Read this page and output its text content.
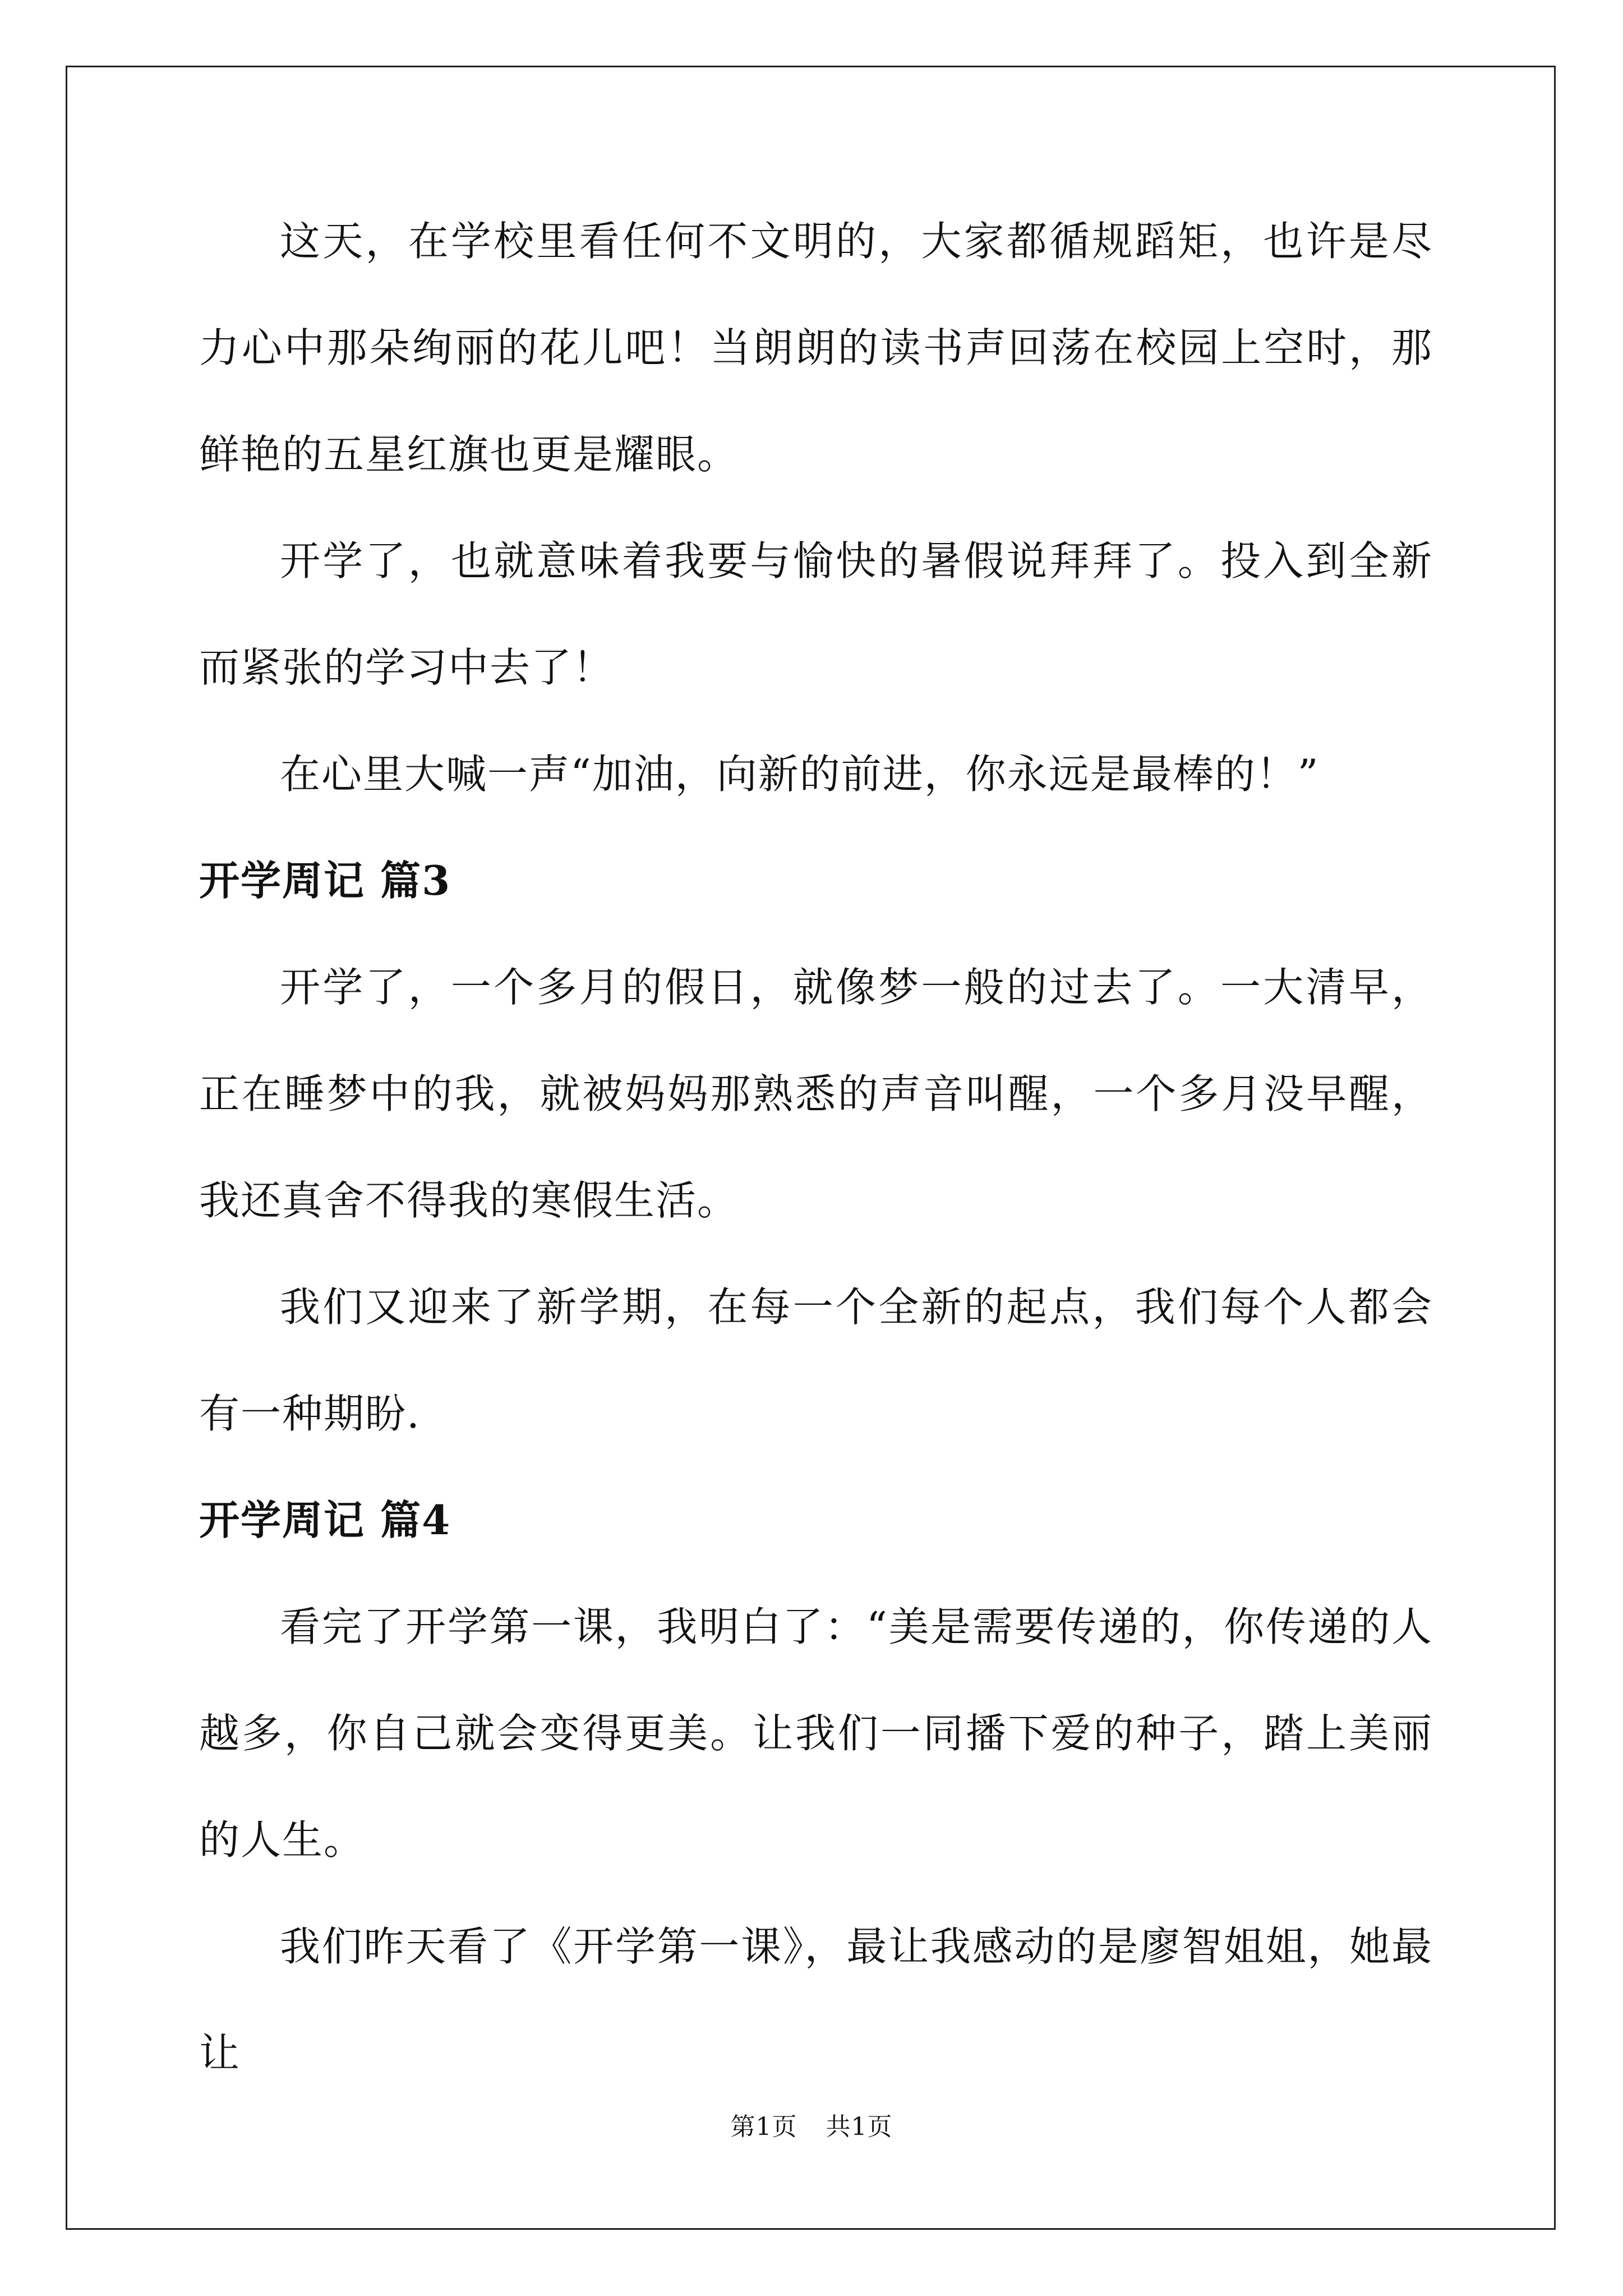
这天，在学校里看任何不文明的，大家都循规蹈矩，也许是尽力心中那朵绚丽的花儿吧！当朗朗的读书声回荡在校园上空时，那鲜艳的五星红旗也更是耀眼。

开学了，也就意味着我要与愉快的暑假说拜拜了。投入到全新而紧张的学习中去了！

在心里大喊一声“加油，向新的前进，你永远是最棒的！”

开学周记 篇3

开学了，一个多月的假日，就像梦一般的过去了。一大清早，正在睡梦中的我，就被妈妈那熟悉的声音叫醒，一个多月没早醒，我还真舍不得我的寒假生活。

我们又迎来了新学期，在每一个全新的起点，我们每个人都会有一种期盼.

开学周记 篇4

看完了开学第一课，我明白了：“美是需要传递的，你传递的人越多，你自己就会变得更美。让我们一同播下爱的种子，踏上美丽的人生。

我们昨天看了《开学第一课》，最让我感动的是廖智姐姐，她最让

第1页 共1页
